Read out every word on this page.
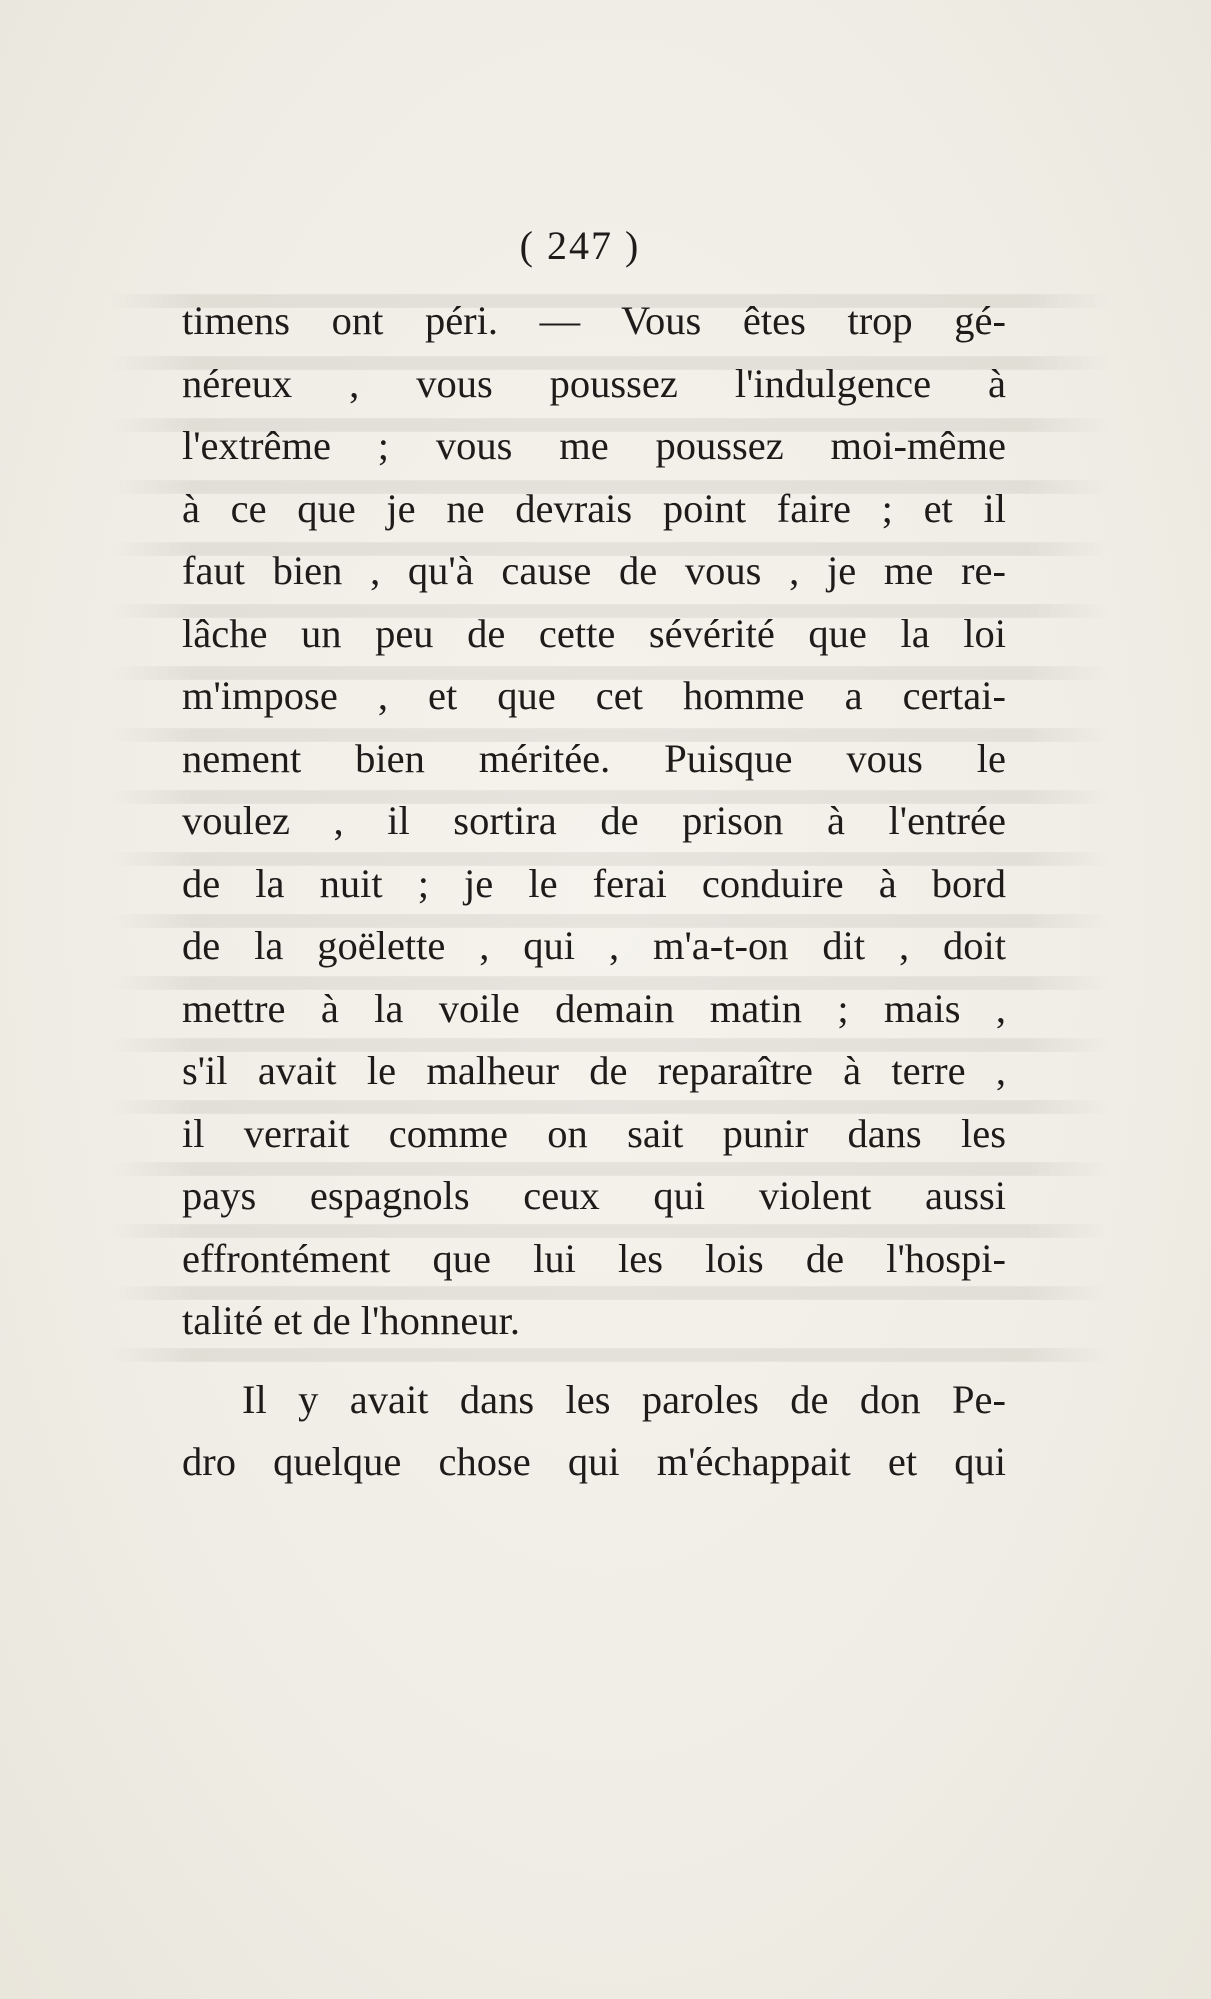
( 247 )
timens ont péri. — Vous êtes trop gé-
néreux , vous poussez l'indulgence à
l'extrême ; vous me poussez moi-même
à ce que je ne devrais point faire ; et il
faut bien , qu'à cause de vous , je me re-
lâche un peu de cette sévérité que la loi
m'impose , et que cet homme a certai-
nement bien méritée. Puisque vous le
voulez , il sortira de prison à l'entrée
de la nuit ; je le ferai conduire à bord
de la goëlette , qui , m'a-t-on dit , doit
mettre à la voile demain matin ; mais ,
s'il avait le malheur de reparaître à terre ,
il verrait comme on sait punir dans les
pays espagnols ceux qui violent aussi
effrontément que lui les lois de l'hospi-
talité et de l'honneur.
Il y avait dans les paroles de don Pe-
dro quelque chose qui m'échappait et qui
